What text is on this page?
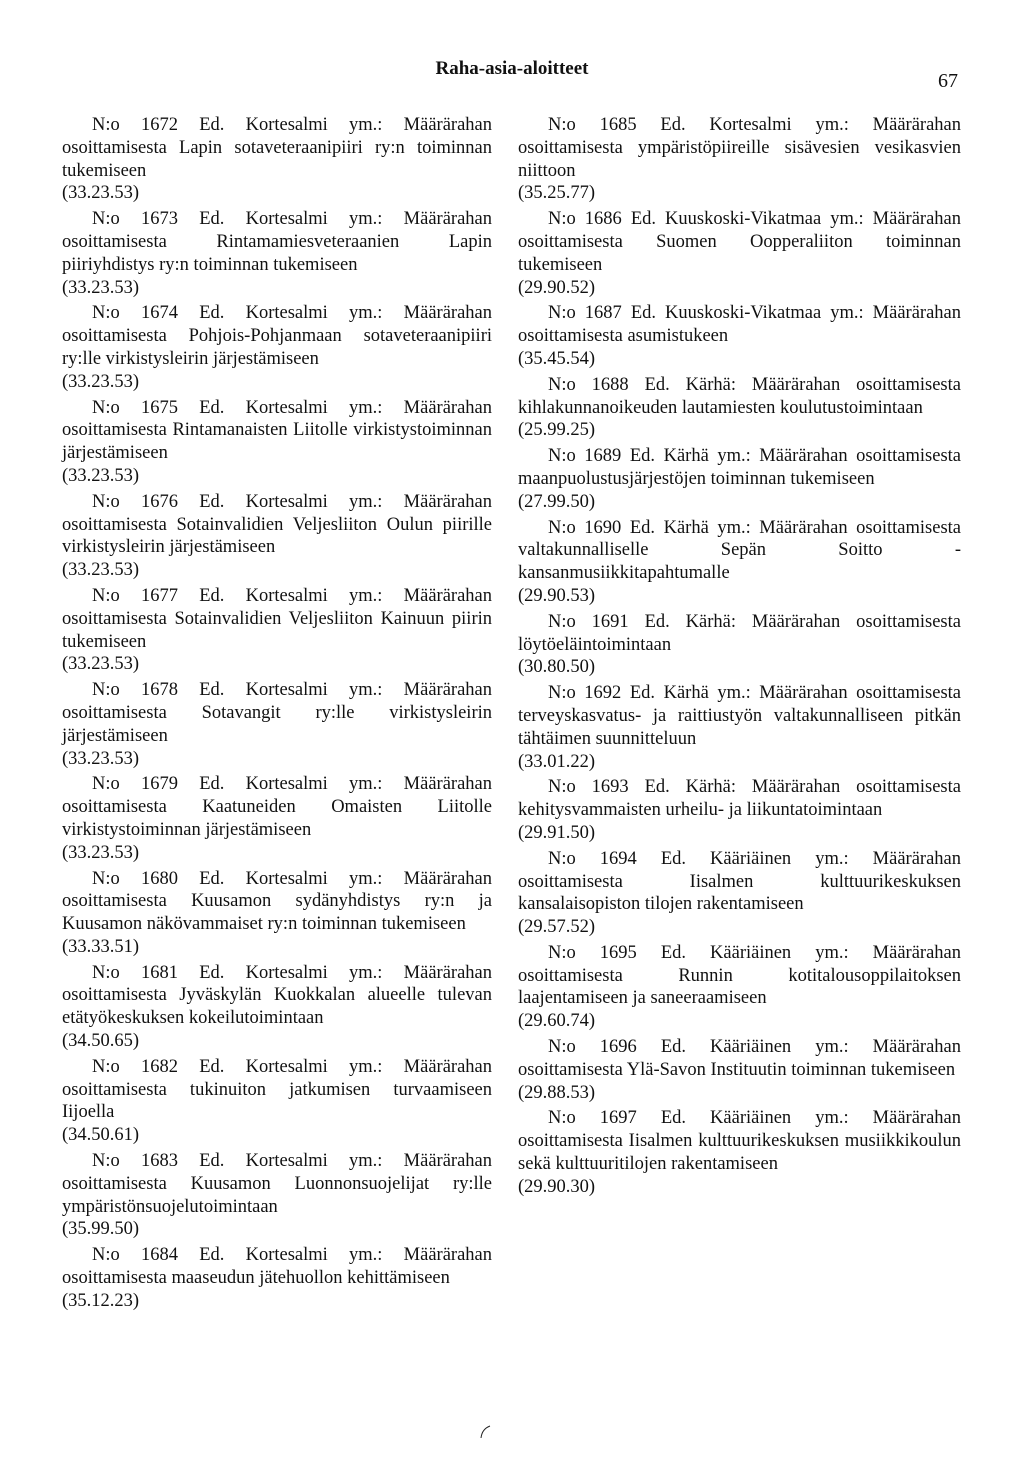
Raha-asia-aloitteet
67

N:o 1672 Ed. Kortesalmi ym.: Määrärahan osoittamisesta Lapin sotaveteraanipiiri ry:n toiminnan tukemiseen

(33.23.53)

N:o 1673 Ed. Kortesalmi ym.: Määrärahan osoittamisesta Rintamamiesveteraanien Lapin piiriyhdistys ry:n toiminnan tukemiseen

(33.23.53)

N:o 1674 Ed. Kortesalmi ym.: Määrärahan osoittamisesta Pohjois-Pohjanmaan sotaveteraanipiiri ry:lle virkistysleirin järjestämiseen

(33.23.53)

N:o 1675 Ed. Kortesalmi ym.: Määrärahan osoittamisesta Rintamanaisten Liitolle virkistystoiminnan järjestämiseen

(33.23.53)

N:o 1676 Ed. Kortesalmi ym.: Määrärahan osoittamisesta Sotainvalidien Veljesliiton Oulun piirille virkistysleirin järjestämiseen

(33.23.53)

N:o 1677 Ed. Kortesalmi ym.: Määrärahan osoittamisesta Sotainvalidien Veljesliiton Kainuun piirin tukemiseen

(33.23.53)

N:o 1678 Ed. Kortesalmi ym.: Määrärahan osoittamisesta Sotavangit ry:lle virkistysleirin järjestämiseen

(33.23.53)

N:o 1679 Ed. Kortesalmi ym.: Määrärahan osoittamisesta Kaatuneiden Omaisten Liitolle virkistystoiminnan järjestämiseen

(33.23.53)

N:o 1680 Ed. Kortesalmi ym.: Määrärahan osoittamisesta Kuusamon sydänyhdistys ry:n ja Kuusamon näkövammaiset ry:n toiminnan tukemiseen

(33.33.51)

N:o 1681 Ed. Kortesalmi ym.: Määrärahan osoittamisesta Jyväskylän Kuokkalan alueelle tulevan etätyökeskuksen kokeilutoimintaan

(34.50.65)

N:o 1682 Ed. Kortesalmi ym.: Määrärahan osoittamisesta tukinuiton jatkumisen turvaamiseen Iijoella

(34.50.61)

N:o 1683 Ed. Kortesalmi ym.: Määrärahan osoittamisesta Kuusamon Luonnonsuojelijat ry:lle ympäristönsuojelutoimintaan

(35.99.50)

N:o 1684 Ed. Kortesalmi ym.: Määrärahan osoittamisesta maaseudun jätehuollon kehittämiseen

(35.12.23)

N:o 1685 Ed. Kortesalmi ym.: Määrärahan osoittamisesta ympäristöpiireille sisävesien vesikasvien niittoon

(35.25.77)

N:o 1686 Ed. Kuuskoski-Vikatmaa ym.: Määrärahan osoittamisesta Suomen Oopperaliiton toiminnan tukemiseen

(29.90.52)

N:o 1687 Ed. Kuuskoski-Vikatmaa ym.: Määrärahan osoittamisesta asumistukeen

(35.45.54)

N:o 1688 Ed. Kärhä: Määrärahan osoittamisesta kihlakunnanoikeuden lautamiesten koulutustoimintaan

(25.99.25)

N:o 1689 Ed. Kärhä ym.: Määrärahan osoittamisesta maanpuolustusjärjestöjen toiminnan tukemiseen

(27.99.50)

N:o 1690 Ed. Kärhä ym.: Määrärahan osoittamisesta valtakunnalliselle Sepän Soitto -kansanmusiikkitapahtumalle

(29.90.53)

N:o 1691 Ed. Kärhä: Määrärahan osoittamisesta löytöeläintoimintaan

(30.80.50)

N:o 1692 Ed. Kärhä ym.: Määrärahan osoittamisesta terveyskasvatus- ja raittiustyön valtakunnalliseen pitkän tähtäimen suunnitteluun

(33.01.22)

N:o 1693 Ed. Kärhä: Määrärahan osoittamisesta kehitysvammaisten urheilu- ja liikuntatoimintaan

(29.91.50)

N:o 1694 Ed. Kääriäinen ym.: Määrärahan osoittamisesta Iisalmen kulttuurikeskuksen kansalaisopiston tilojen rakentamiseen

(29.57.52)

N:o 1695 Ed. Kääriäinen ym.: Määrärahan osoittamisesta Runnin kotitalousoppilaitoksen laajentamiseen ja saneeraamiseen

(29.60.74)

N:o 1696 Ed. Kääriäinen ym.: Määrärahan osoittamisesta Ylä-Savon Instituutin toiminnan tukemiseen

(29.88.53)

N:o 1697 Ed. Kääriäinen ym.: Määrärahan osoittamisesta Iisalmen kulttuurikeskuksen musiikkikoulun sekä kulttuuritilojen rakentamiseen

(29.90.30)
